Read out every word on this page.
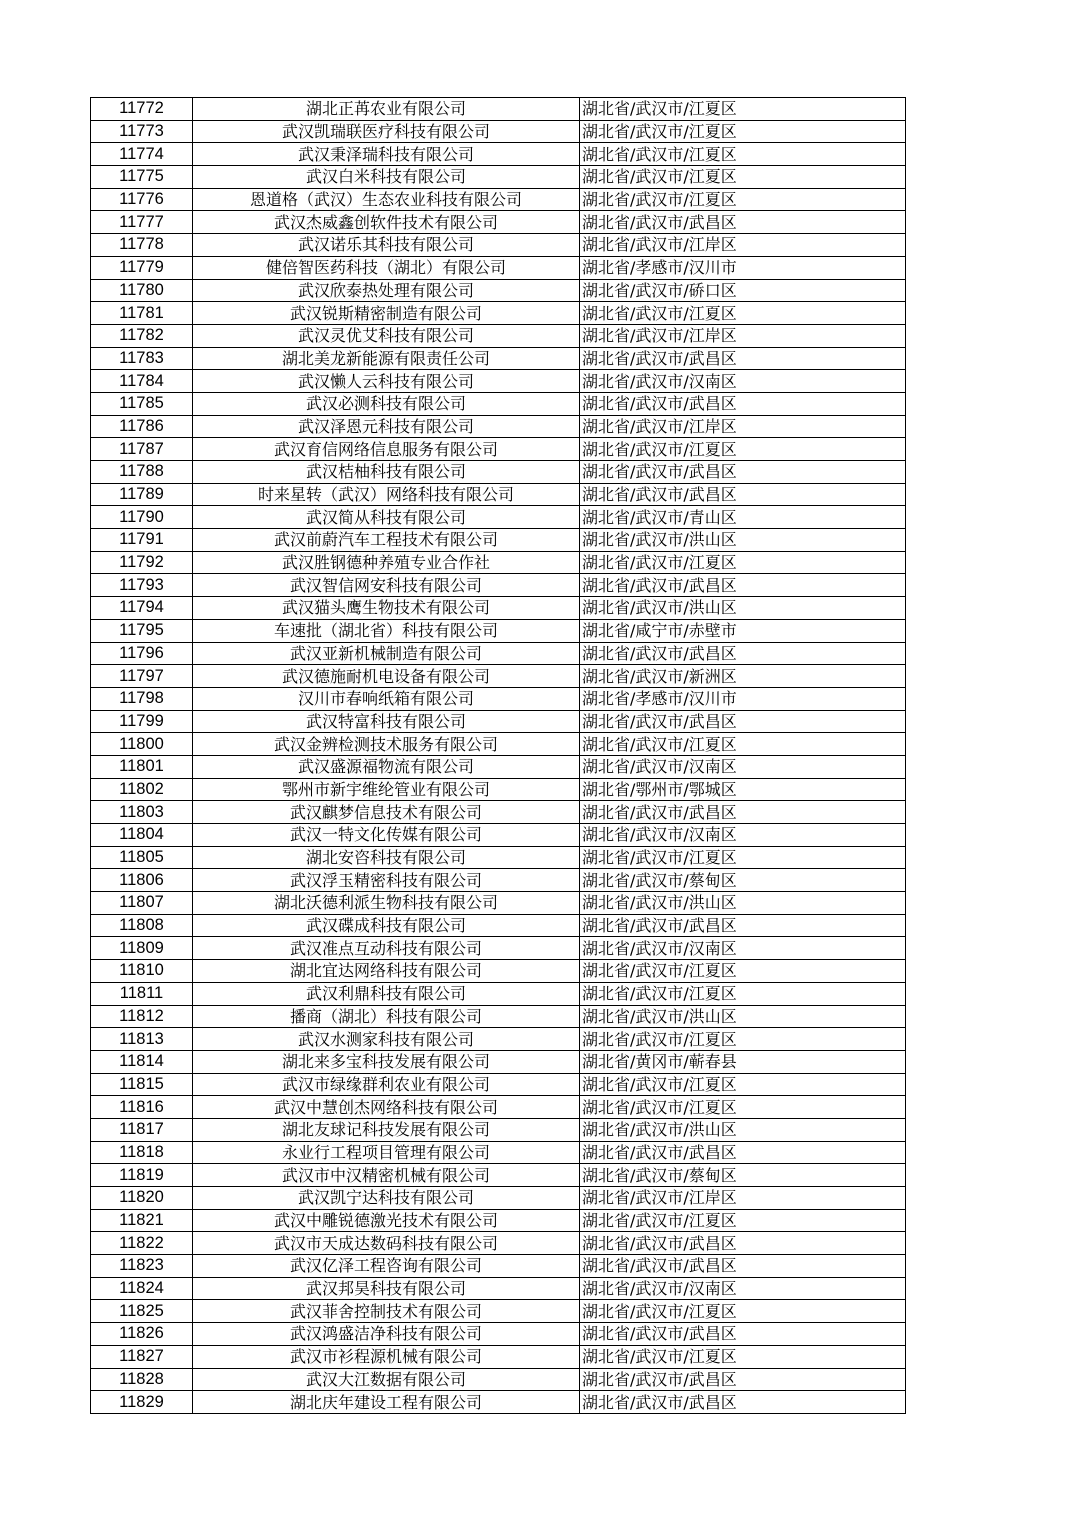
11772	湖北正苒农业有限公司	湖北省/武汉市/江夏区
11773	武汉凯瑞联医疗科技有限公司	湖北省/武汉市/江夏区
11774	武汉秉泽瑞科技有限公司	湖北省/武汉市/江夏区
11775	武汉白米科技有限公司	湖北省/武汉市/江夏区
11776	恩道格（武汉）生态农业科技有限公司	湖北省/武汉市/江夏区
11777	武汉杰威鑫创软件技术有限公司	湖北省/武汉市/武昌区
11778	武汉诺乐其科技有限公司	湖北省/武汉市/江岸区
11779	健倍智医药科技（湖北）有限公司	湖北省/孝感市/汉川市
11780	武汉欣泰热处理有限公司	湖北省/武汉市/硚口区
11781	武汉锐斯精密制造有限公司	湖北省/武汉市/江夏区
11782	武汉灵优艾科技有限公司	湖北省/武汉市/江岸区
11783	湖北美龙新能源有限责任公司	湖北省/武汉市/武昌区
11784	武汉懒人云科技有限公司	湖北省/武汉市/汉南区
11785	武汉必测科技有限公司	湖北省/武汉市/武昌区
11786	武汉泽恩元科技有限公司	湖北省/武汉市/江岸区
11787	武汉育信网络信息服务有限公司	湖北省/武汉市/江夏区
11788	武汉桔柚科技有限公司	湖北省/武汉市/武昌区
11789	时来星转（武汉）网络科技有限公司	湖北省/武汉市/武昌区
11790	武汉简从科技有限公司	湖北省/武汉市/青山区
11791	武汉前蔚汽车工程技术有限公司	湖北省/武汉市/洪山区
11792	武汉胜钢德种养殖专业合作社	湖北省/武汉市/江夏区
11793	武汉智信网安科技有限公司	湖北省/武汉市/武昌区
11794	武汉猫头鹰生物技术有限公司	湖北省/武汉市/洪山区
11795	车速批（湖北省）科技有限公司	湖北省/咸宁市/赤壁市
11796	武汉亚新机械制造有限公司	湖北省/武汉市/武昌区
11797	武汉德施耐机电设备有限公司	湖北省/武汉市/新洲区
11798	汉川市春响纸箱有限公司	湖北省/孝感市/汉川市
11799	武汉特富科技有限公司	湖北省/武汉市/武昌区
11800	武汉金辨检测技术服务有限公司	湖北省/武汉市/江夏区
11801	武汉盛源福物流有限公司	湖北省/武汉市/汉南区
11802	鄂州市新宇维纶管业有限公司	湖北省/鄂州市/鄂城区
11803	武汉麒梦信息技术有限公司	湖北省/武汉市/武昌区
11804	武汉一特文化传媒有限公司	湖北省/武汉市/汉南区
11805	湖北安咨科技有限公司	湖北省/武汉市/江夏区
11806	武汉浮玉精密科技有限公司	湖北省/武汉市/蔡甸区
11807	湖北沃德利派生物科技有限公司	湖北省/武汉市/洪山区
11808	武汉碟成科技有限公司	湖北省/武汉市/武昌区
11809	武汉准点互动科技有限公司	湖北省/武汉市/汉南区
11810	湖北宜达网络科技有限公司	湖北省/武汉市/江夏区
11811	武汉利鼎科技有限公司	湖北省/武汉市/江夏区
11812	播商（湖北）科技有限公司	湖北省/武汉市/洪山区
11813	武汉水测家科技有限公司	湖北省/武汉市/江夏区
11814	湖北来多宝科技发展有限公司	湖北省/黄冈市/蕲春县
11815	武汉市绿缘群利农业有限公司	湖北省/武汉市/江夏区
11816	武汉中慧创杰网络科技有限公司	湖北省/武汉市/江夏区
11817	湖北友球记科技发展有限公司	湖北省/武汉市/洪山区
11818	永业行工程项目管理有限公司	湖北省/武汉市/武昌区
11819	武汉市中汉精密机械有限公司	湖北省/武汉市/蔡甸区
11820	武汉凯宁达科技有限公司	湖北省/武汉市/江岸区
11821	武汉中雕锐德激光技术有限公司	湖北省/武汉市/江夏区
11822	武汉市天成达数码科技有限公司	湖北省/武汉市/武昌区
11823	武汉亿泽工程咨询有限公司	湖北省/武汉市/武昌区
11824	武汉邦昊科技有限公司	湖北省/武汉市/汉南区
11825	武汉菲舍控制技术有限公司	湖北省/武汉市/江夏区
11826	武汉鸿盛洁净科技有限公司	湖北省/武汉市/武昌区
11827	武汉市衫程源机械有限公司	湖北省/武汉市/江夏区
11828	武汉大江数据有限公司	湖北省/武汉市/武昌区
11829	湖北庆年建设工程有限公司	湖北省/武汉市/武昌区
